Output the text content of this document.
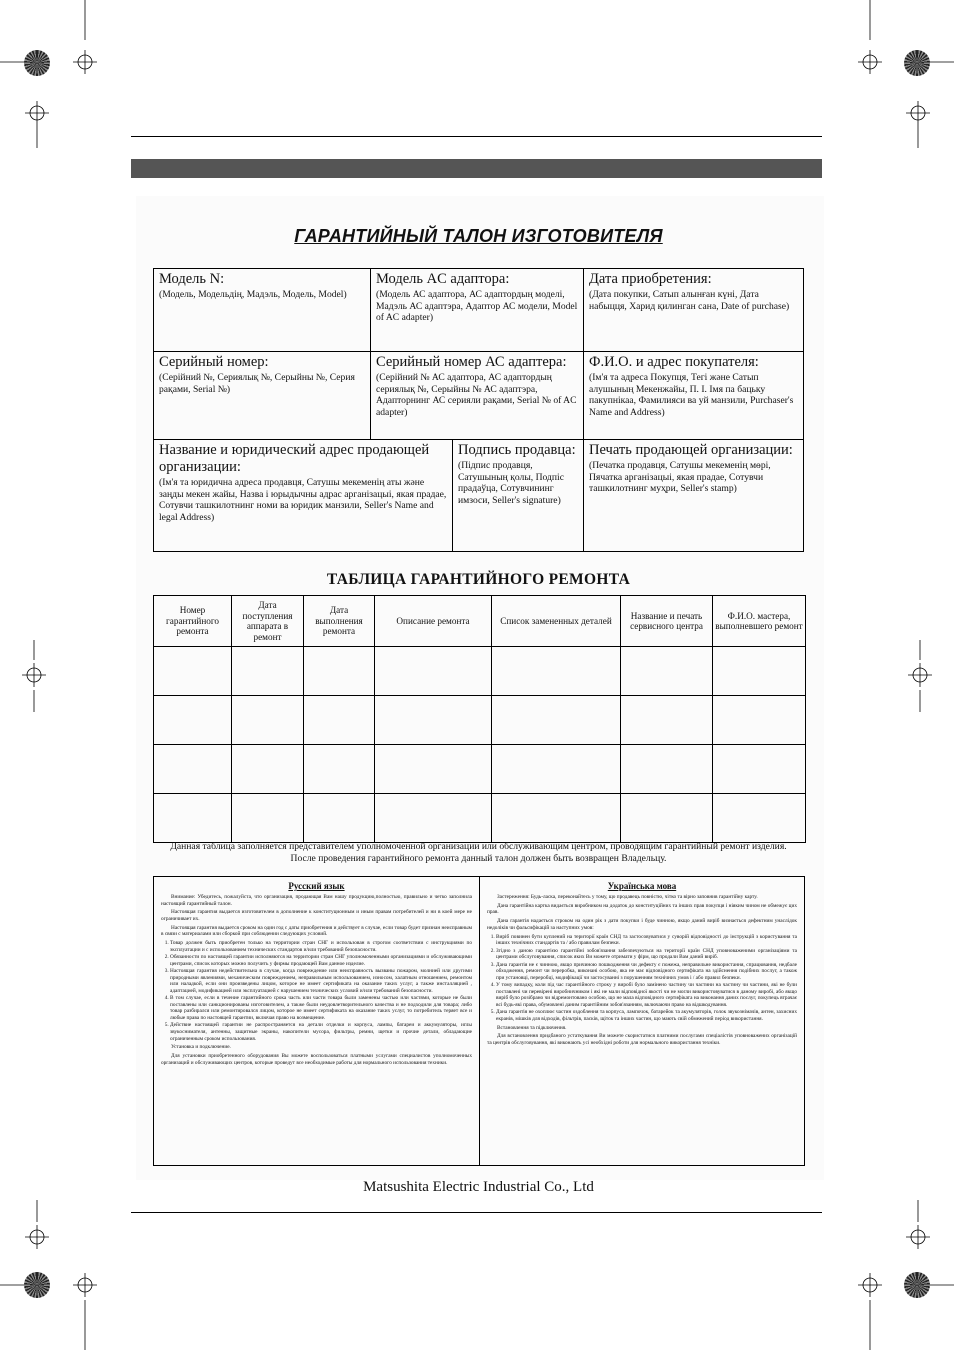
ГАРАНТИЙНЫЙ ТАЛОН ИЗГОТОВИТЕЛЯ
Модель N:
(Модель, Модельдің, Мадэль, Модель, Model)
Модель AC адаптора:
(Модель АС адаптора, АС адаптордың моделі, Мадэль АС адаптэра, Адаптор АС модели, Model of AC adapter)
Дата приобретения:
(Дата покупки, Сатып алынған күні, Дата набыцця, Харид қилинган сана, Date of purchase)
Серийный номер:
(Серійний №, Сериялық №, Серыйны №, Серия рақами, Serial №)
Серийный номер АС адаптера:
(Серійний № АС адаптора, АС адаптордың сериялық №, Серыйны № АС адаптэра, Адапторнинг АС серияли рақами, Serial № of AC adapter)
Ф.И.О. и адрес покупателя:
(Ім'я та адреса Покупця, Тегі және Сатып алушының Мекенжайы, П. І. Імя па бацьку пакупнікаа, Фамилияси ва уй манзили, Purchaser's Name and Address)
Название и юридический адрес продающей организации:
(Ім'я та юридична адреса продавця, Сатушы мекеменің аты және заңды мекен жайы, Назва і юрыдычны адрас арганізацыі, якая прадае, Сотувчи ташкилотнинг номи ва юридик манзили, Seller's Name and legal Address)
Подпись продавца:
(Підпис продавця, Сатушының қолы, Подпіс прадаўца, Сотувчининг имзоси, Seller's signature)
Печать продающей организации:
(Печатка продавця, Сатушы мекеменің мөрі, Пячатка арганізацыі, якая прадае, Сотувчи ташкилотнинг муҳри, Seller's stamp)
ТАБЛИЦА ГАРАНТИЙНОГО РЕМОНТА
Номер гарантийного ремонта	Дата поступления аппарата в ремонт	Дата выполнения ремонта	Описание ремонта	Список замененных деталей	Название и печать сервисного центра	Ф.И.О. мастера, выполневшего ремонт

Данная таблица заполняется представителем уполномоченной организации или обслуживающим центром, проводящим гарантийный ремонт изделия.
После проведения гарантийного ремонта данный талон должен быть возвращен Владельцу.
Русский язык

Внимание: Убедитесь, пожалуйста, что организация, продающая Вам нашу продукцию,полностью, правильно и четко заполнила настоящий гарантийный талон.

Настоящая гарантия выдается изготовителем в дополнение к конституционным и иным правам потребителей и ни в коей мере не ограничивает их.

Настоящая гарантия выдается сроком на один год с даты приобретения и действует в случае, если товар будет признан неисправным в связи с материалами или сборкой при соблюдении следующих условий.

1. Товар должен быть приобретен только на территории стран СНГ и использован в строгом соответствии с инструкциями по эксплуатации и с использованием технических стандартов и/или требований безопасности.
2. Обязанности по настоящей гарантии исполняются на территории стран СНГ уполномоченными организациями и обслуживающими центрами, список которых можно получить у фирмы продающей Вам данное изделие.
3. Настоящая гарантия недействительна в случае, когда повреждение или неисправность вызваны пожаром, молнией или другими природными явлениями, механическим повреждением, неправильным использованием, износом, халатным отношением, ремонтом или наладкой, если они произведены лицом, которое не имеет сертификата на оказание таких услуг, а также инсталляцией , адаптацией, модификацией или эксплуатацией с нарушением технических условий и/или требований безопасности.
4. В том случае, если в течение гарантийного срока часть или части товара были заменены частью или частями, которые не были поставлены или санкционированы изготовителем, а также были неудовлетворительного качества и не подходили для товара; либо товар разбирался или ремонтировался лицом, которое не имеет сертификата на оказание таких услуг, то потребитель теряет все и любые права по настоящей гарантии, включая право на возмещение.
5. Действие настоящей гарантии не распространяется на детали отделки и корпуса, лампы, батареи и аккумуляторы, иглы звукоснимателя, антенны, защитные экраны, накопители мусора, фильтры, ремни, щетки и прочие детали, обладающие ограниченным сроком использования.

Установка и подключение.

Для установки приобретенного оборудования Вы можете воспользоваться платными услугами специалистов уполномоченных организаций и обслуживающих центров, которые проведут все необходимые работы для нормального использования техники.

Українська мова

Застереження: Будь-ласка, переконайтесь у тому, що продавець повністю, чітко та вірно заповнив гарантійну карту.

Дана гарантійна картка видається виробником на додаток до конституційних та інших прав покупця і ніяким чином не обмежує цих прав.

Дана гарантія надається строком на один рік з дати покупки і буде чинною, якщо даний виріб визнається дефектним унаслідок недоліків чи фальсифікацій за наступних умов:

1. Виріб повинен бути куплений на території країн СНД та застосовуватися у суворій відповідності до інструкцій з користування та інших технічних стандартів та / або правилам безпеки.
2. Згідно з даною гарантією гарантійні зобов'язання забезпечуються на території країн СНД уповноваженими організаціями та центрами обслуговування, список яких Ви можете отримати у фірм, що продали Вам даний виріб.
3. Дана гарантія не є чинною, якщо причиною пошкодження чи дефекту є пожежа, неправильне використання, спрацювання, недбале обходження, ремонт чи переробка, виконані особою, яка не має відповідного сертифіката на здійснення подібних послуг, а також при установці, переробці, модифікації чи застосуванні з порушенням технічних умов і / або правил безпеки.
4. У тому випадку, коли під час гарантійного строку у виробі було замінено частину чи частини на частину чи частини, які не були поставлені чи перевірені виробничником і які не мали відповідної якості чи не могли використовуватися в даному виробі, або якщо виріб було розібрано чи відремонтовано особою, що не мала відповідного сертифіката на виконання даних послуг, покупець втрачає всі будь-які права, обумовлені даним гарантійним зобов'язанням, включаючи право на відшкодування.
5. Дана гарантія не охоплює частин оздоблення та корпуса, лампочок, батарейок та акумуляторів, голок звукознімачів, антен, захисних екранів, мішків для відходів, фільтрів, пасків, щіток та інших частин, що мають свій обмежений період використання.

Встановлення та підключення.

Для встановлення придбаного устаткування Ви можете скористатися платними послугами спеціалістів уповноважених організацій та центрів обслуговування, які виконають усі необхідні роботи для нормального використання техніки.

Matsushita Electric Industrial Co., Ltd
